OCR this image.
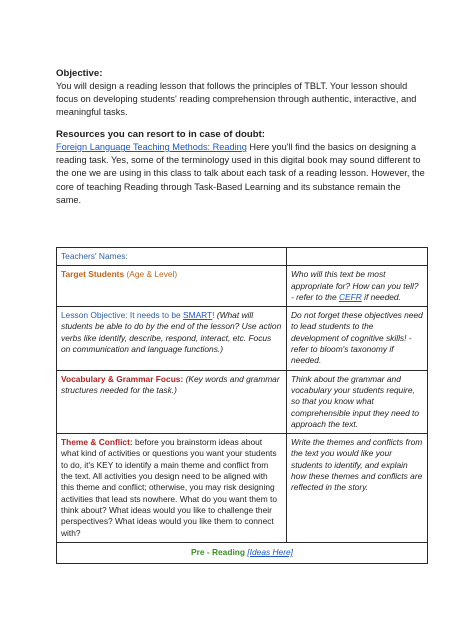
Objective:
You will design a reading lesson that follows the principles of TBLT. Your lesson should focus on developing students' reading comprehension through authentic, interactive, and meaningful tasks.
Resources you can resort to in case of doubt:
Foreign Language Teaching Methods: Reading Here you'll find the basics on designing a reading task. Yes, some of the terminology used in this digital book may sound different to the one we are using in this class to talk about each task of a reading lesson. However, the core of teaching Reading through Task-Based Learning and its substance remain the same.
Teachers' Names:	
Target Students (Age & Level)	Who will this text be most appropriate for? How can you tell? - refer to the CEFR if needed.
Lesson Objective: It needs to be SMART! (What will students be able to do by the end of the lesson? Use action verbs like identify, describe, respond, interact, etc. Focus on communication and language functions.)	Do not forget these objectives need to lead students to the development of cognitive skills! - refer to bloom's taxonomy if needed.
Vocabulary & Grammar Focus: (Key words and grammar structures needed for the task.)	Think about the grammar and vocabulary your students require, so that you know what comprehensible input they need to approach the text.
Theme & Conflict: before you brainstorm ideas about what kind of activities or questions you want your students to do, it's KEY to identify a main theme and conflict from the text. All activities you design need to be aligned with this theme and conflict; otherwise, you may risk designing activities that lead sts nowhere. What do you want them to think about? What ideas would you like to challenge their perspectives? What ideas would you like them to connect with?	Write the themes and conflicts from the text you would like your students to identify, and explain how these themes and conflicts are reflected in the story.
Pre - Reading [Ideas Here]	
